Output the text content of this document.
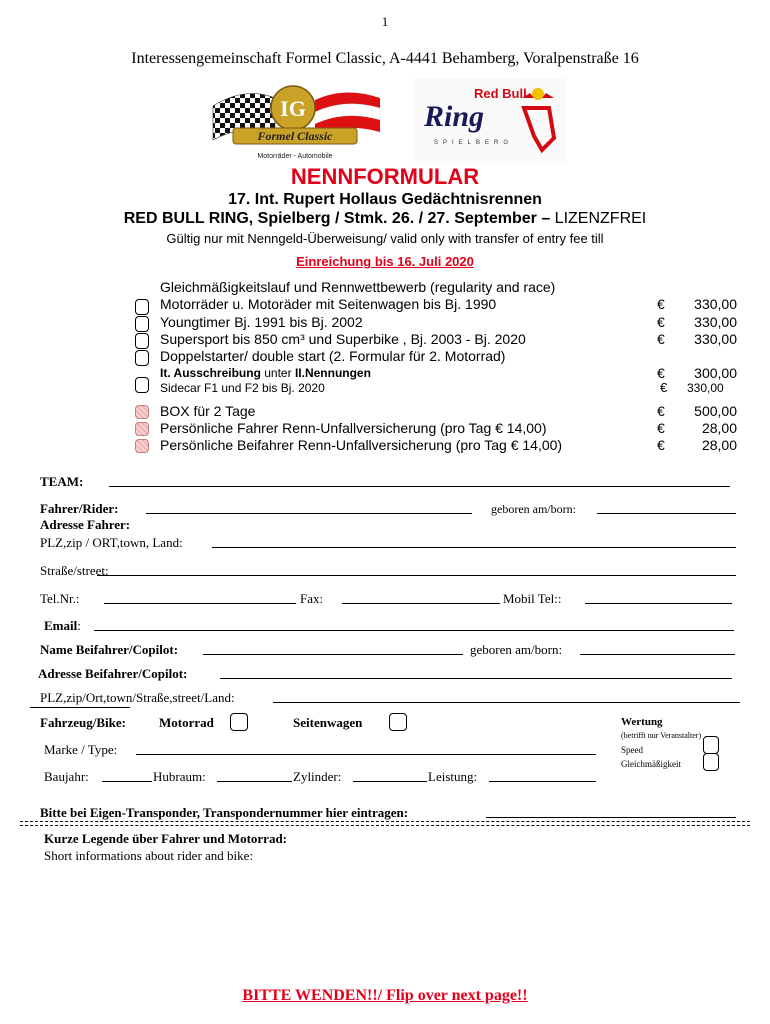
1
Interessengemeinschaft Formel Classic, A-4441 Behamberg, Voralpenstraße 16
IG
Formel Classic
Motorräder - Automobile
Red Bull
Ring
SPIELBERG
NENNFORMULAR
17. Int. Rupert Hollaus Gedächtnisrennen
RED BULL RING, Spielberg / Stmk. 26. / 27. September – LIZENZFREI
Gültig nur mit Nenngeld-Überweisung/ valid only with transfer of entry fee till
Einreichung bis 16. Juli 2020
Gleichmäßigkeitslauf und Rennwettbewerb (regularity and race)
Motorräder u. Motoräder mit Seitenwagen bis Bj. 1990	€	330,00
Youngtimer Bj. 1991 bis Bj. 2002	€	330,00
Supersport bis 850 cm³ und Superbike , Bj. 2003 - Bj. 2020	€	330,00
Doppelstarter/ double start (2. Formular für 2. Motorrad)
It. Ausschreibung unter II.Nennungen	€	300,00
Sidecar F1 und F2 bis Bj. 2020	€ 330,00
BOX für 2 Tage	€	500,00
Persönliche Fahrer Renn-Unfallversicherung (pro Tag € 14,00)	€	28,00
Persönliche Beifahrer Renn-Unfallversicherung (pro Tag € 14,00)	€	28,00
TEAM:
Fahrer/Rider:	geboren am/born:
Adresse Fahrer:
PLZ,zip / ORT,town, Land:
Straße/street:
Tel.Nr.:	Fax:	Mobil Tel::
Email:
Name Beifahrer/Copilot:	geboren am/born:
Adresse Beifahrer/Copilot:
PLZ,zip/Ort,town/Straße,street/Land:
Fahrzeug/Bike:	Motorrad	Seitenwagen	Wertung
(betrifft nur Veranstalter)
Speed
Gleichmäßigkeit
Marke / Type:
Baujahr:	Hubraum:	Zylinder:	Leistung:
Bitte bei Eigen-Transponder, Transpondernummer hier eintragen:
Kurze Legende über Fahrer und Motorrad:
Short informations about rider and bike:
BITTE WENDEN!!/ Flip over next page!!
